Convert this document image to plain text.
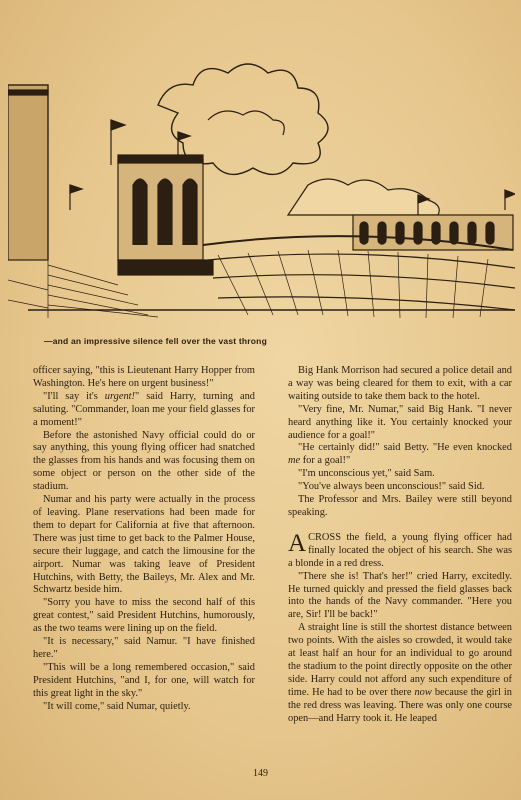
—and an impressive silence fell over the vast throng

officer saying, "this is Lieutenant Harry Hopper from Washington. He's here on urgent business!"

"I'll say it's urgent!" said Harry, turning and saluting. "Commander, loan me your field glasses for a moment!"

Before the astonished Navy official could do or say anything, this young flying officer had snatched the glasses from his hands and was focusing them on some object or person on the other side of the stadium.

Numar and his party were actually in the process of leaving. Plane reservations had been made for them to depart for California at five that afternoon. There was just time to get back to the Palmer House, secure their luggage, and catch the limousine for the airport. Numar was taking leave of President Hutchins, with Betty, the Baileys, Mr. Alex and Mr. Schwartz beside him.

"Sorry you have to miss the second half of this great contest," said President Hutchins, humorously, as the two teams were lining up on the field.

"It is necessary," said Namur. "I have finished here."

"This will be a long remembered occasion," said President Hutchins, "and I, for one, will watch for this great light in the sky."

"It will come," said Numar, quietly.

Big Hank Morrison had secured a police detail and a way was being cleared for them to exit, with a car waiting outside to take them back to the hotel.

"Very fine, Mr. Numar," said Big Hank. "I never heard anything like it. You certainly knocked your audience for a goal!"

"He certainly did!" said Betty. "He even knocked me for a goal!"

"I'm unconscious yet," said Sam.

"You've always been unconscious!" said Sid.

The Professor and Mrs. Bailey were still beyond speaking.

ACROSS the field, a young flying officer had finally located the object of his search. She was a blonde in a red dress.

"There she is! That's her!" cried Harry, excitedly. He turned quickly and pressed the field glasses back into the hands of the Navy commander. "Here you are, Sir! I'll be back!"

A straight line is still the shortest distance between two points. With the aisles so crowded, it would take at least half an hour for an individual to go around the stadium to the point directly opposite on the other side. Harry could not afford any such expenditure of time. He had to be over there now because the girl in the red dress was leaving. There was only one course open—and Harry took it. He leaped

149
